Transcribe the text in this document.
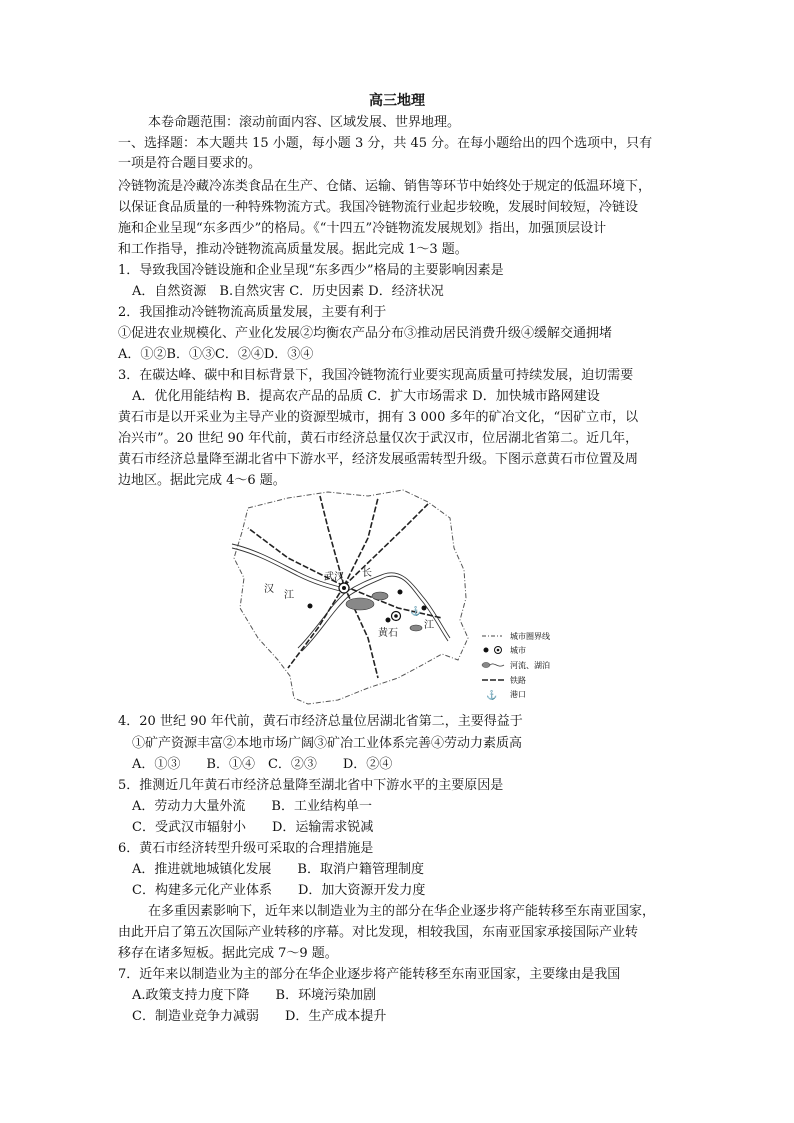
高三地理
本卷命题范围：滚动前面内容、区域发展、世界地理。
一、选择题：本大题共 15 小题，每小题 3 分，共 45 分。在每小题给出的四个选项中，只有
一项是符合题目要求的。
冷链物流是冷藏冷冻类食品在生产、仓储、运输、销售等环节中始终处于规定的低温环境下，
以保证食品质量的一种特殊物流方式。我国冷链物流行业起步较晚，发展时间较短，冷链设
施和企业呈现“东多西少”的格局。《“十四五”冷链物流发展规划》指出，加强顶层设计
和工作指导，推动冷链物流高质量发展。据此完成 1～3 题。
1．导致我国冷链设施和企业呈现“东多西少”格局的主要影响因素是
A．自然资源　B.自然灾害 C．历史因素 D．经济状况
2．我国推动冷链物流高质量发展，主要有利于
①促进农业规模化、产业化发展②均衡农产品分布③推动居民消费升级④缓解交通拥堵
A．①②B．①③C．②④D．③④
3．在碳达峰、碳中和目标背景下，我国冷链物流行业要实现高质量可持续发展，迫切需要
A．优化用能结构 B．提高农产品的品质 C．扩大市场需求 D．加快城市路网建设
黄石市是以开采业为主导产业的资源型城市，拥有 3 000 多年的矿冶文化，“因矿立市，以
冶兴市”。20 世纪 90 年代前，黄石市经济总量仅次于武汉市，位居湖北省第二。近几年，
黄石市经济总量降至湖北省中下游水平，经济发展亟需转型升级。下图示意黄石市位置及周
边地区。据此完成 4～6 题。
⚓
汉
江
武汉 长
江
黄石	城市圈界线
城市
河流、湖泊
铁路
⚓ 港口
4．20 世纪 90 年代前，黄石市经济总量位居湖北省第二，主要得益于
①矿产资源丰富②本地市场广阔③矿冶工业体系完善④劳动力素质高
A．①③　　B．①④　C．②③　　D．②④
5．推测近几年黄石市经济总量降至湖北省中下游水平的主要原因是
A．劳动力大量外流　　B．工业结构单一
C．受武汉市辐射小　　D．运输需求锐减
6．黄石市经济转型升级可采取的合理措施是
A．推进就地城镇化发展　　B．取消户籍管理制度
C．构建多元化产业体系　　D．加大资源开发力度
在多重因素影响下，近年来以制造业为主的部分在华企业逐步将产能转移至东南亚国家，
由此开启了第五次国际产业转移的序幕。对比发现，相较我国，东南亚国家承接国际产业转
移存在诸多短板。据此完成 7～9 题。
7．近年来以制造业为主的部分在华企业逐步将产能转移至东南亚国家，主要缘由是我国
A.政策支持力度下降　　B．环境污染加剧
C．制造业竞争力减弱　　D．生产成本提升
